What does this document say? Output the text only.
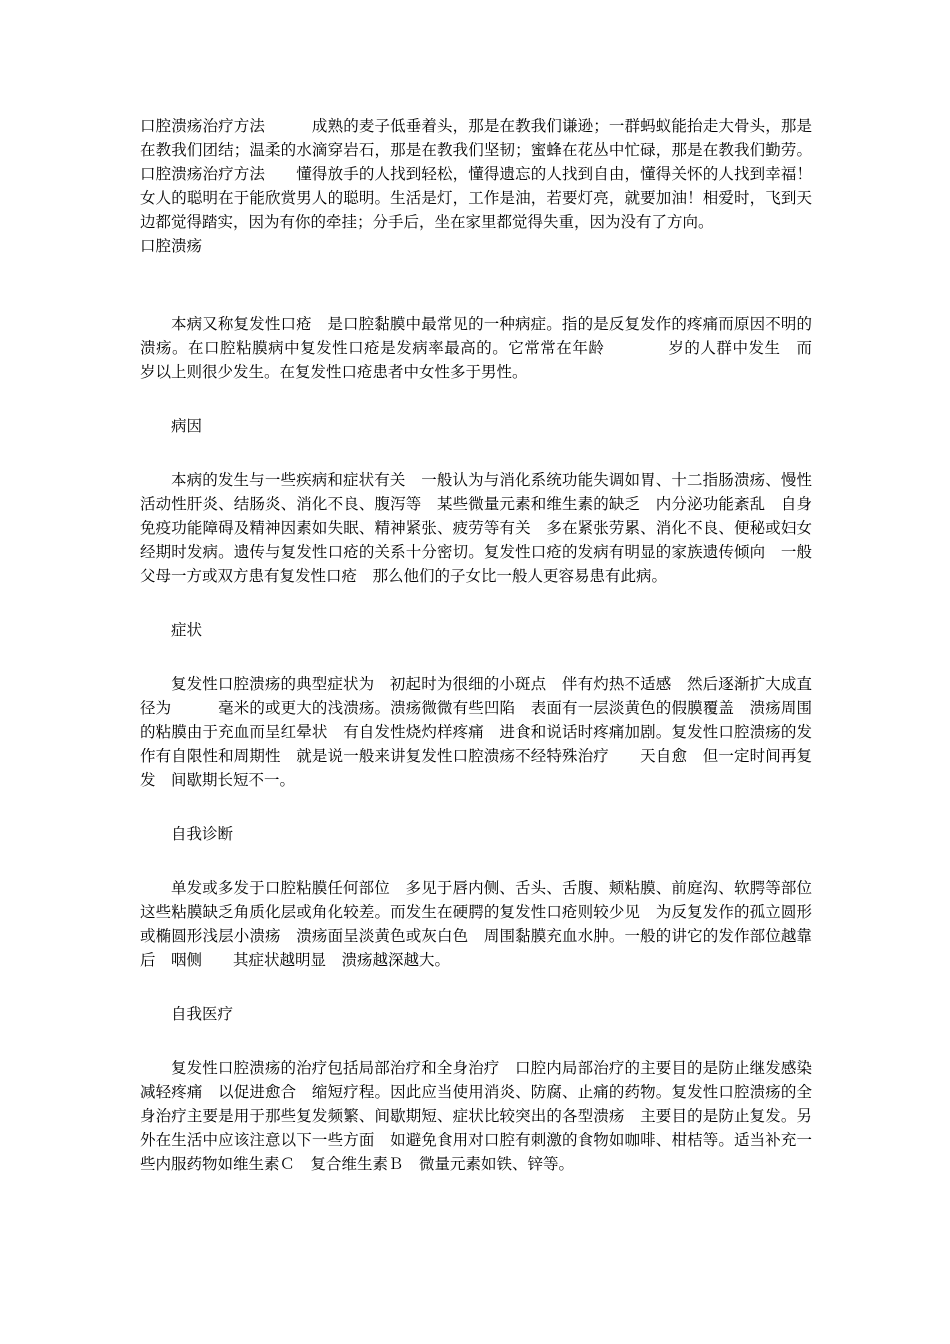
口腔溃疡治疗方法　　　成熟的麦子低垂着头，那是在教我们谦逊；一群蚂蚁能抬走大骨头，那是在教我们团结；温柔的水滴穿岩石，那是在教我们坚韧；蜜蜂在花丛中忙碌，那是在教我们勤劳。口腔溃疡治疗方法　　懂得放手的人找到轻松，懂得遗忘的人找到自由，懂得关怀的人找到幸福！女人的聪明在于能欣赏男人的聪明。生活是灯，工作是油，若要灯亮，就要加油！相爱时，飞到天边都觉得踏实，因为有你的牵挂；分手后，坐在家里都觉得失重，因为没有了方向。

口腔溃疡

本病又称复发性口疮　是口腔黏膜中最常见的一种病症。指的是反复发作的疼痛而原因不明的溃疡。在口腔粘膜病中复发性口疮是发病率最高的。它常常在年龄　　　　岁的人群中发生　而　　岁以上则很少发生。在复发性口疮患者中女性多于男性。

病因

本病的发生与一些疾病和症状有关　一般认为与消化系统功能失调如胃、十二指肠溃疡、慢性活动性肝炎、结肠炎、消化不良、腹泻等　某些微量元素和维生素的缺乏　内分泌功能紊乱　自身免疫功能障碍及精神因素如失眠、精神紧张、疲劳等有关　多在紧张劳累、消化不良、便秘或妇女经期时发病。遗传与复发性口疮的关系十分密切。复发性口疮的发病有明显的家族遗传倾向　一般父母一方或双方患有复发性口疮　那么他们的子女比一般人更容易患有此病。

症状

复发性口腔溃疡的典型症状为　初起时为很细的小斑点　伴有灼热不适感　然后逐渐扩大成直径为　　　毫米的或更大的浅溃疡。溃疡微微有些凹陷　表面有一层淡黄色的假膜覆盖　溃疡周围的粘膜由于充血而呈红晕状　有自发性烧灼样疼痛　进食和说话时疼痛加剧。复发性口腔溃疡的发作有自限性和周期性　就是说一般来讲复发性口腔溃疡不经特殊治疗　　天自愈　但一定时间再复发　间歇期长短不一。

自我诊断

单发或多发于口腔粘膜任何部位　多见于唇内侧、舌头、舌腹、颊粘膜、前庭沟、软腭等部位　这些粘膜缺乏角质化层或角化较差。而发生在硬腭的复发性口疮则较少见　为反复发作的孤立圆形或椭圆形浅层小溃疡　溃疡面呈淡黄色或灰白色　周围黏膜充血水肿。一般的讲它的发作部位越靠后　咽侧　　其症状越明显　溃疡越深越大。

自我医疗

复发性口腔溃疡的治疗包括局部治疗和全身治疗　口腔内局部治疗的主要目的是防止继发感染　减轻疼痛　以促进愈合　缩短疗程。因此应当使用消炎、防腐、止痛的药物。复发性口腔溃疡的全身治疗主要是用于那些复发频繁、间歇期短、症状比较突出的各型溃疡　主要目的是防止复发。另外在生活中应该注意以下一些方面　如避免食用对口腔有刺激的食物如咖啡、柑桔等。适当补充一些内服药物如维生素Ｃ　复合维生素Ｂ　微量元素如铁、锌等。
